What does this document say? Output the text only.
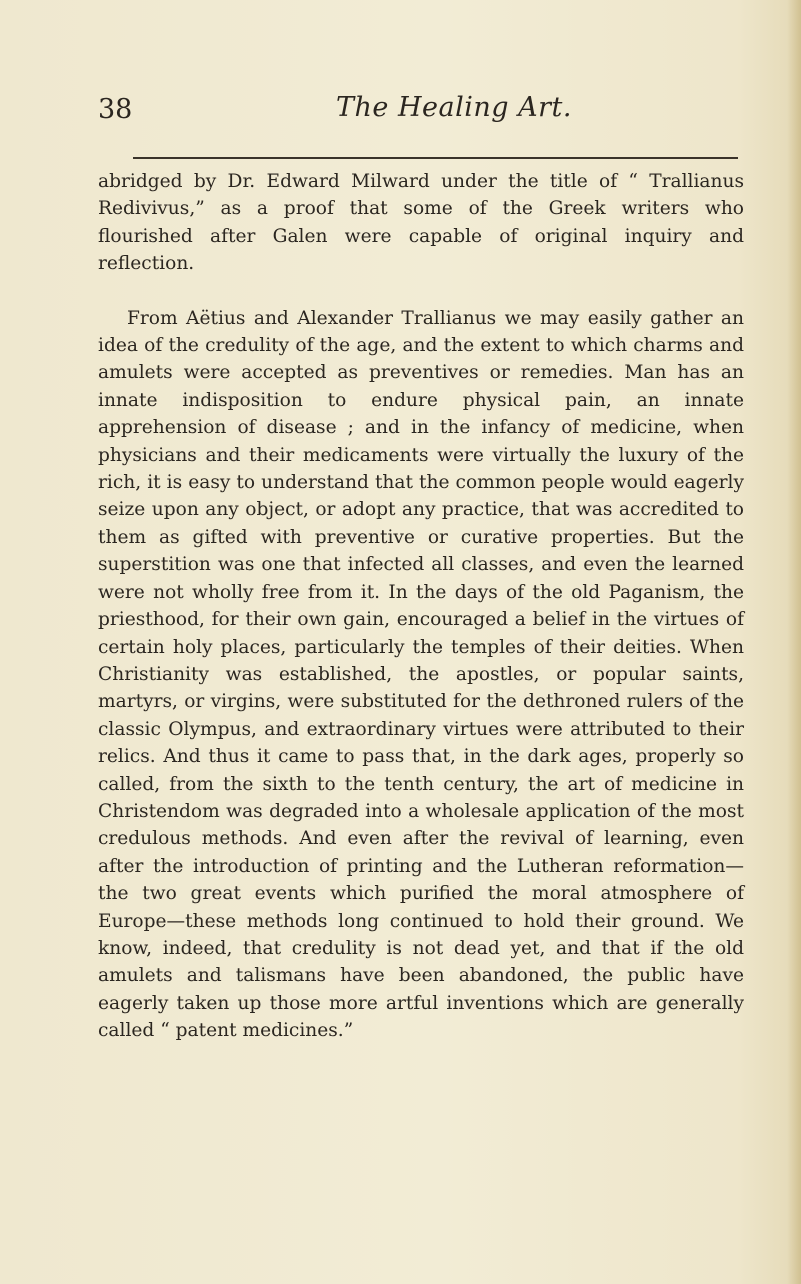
38	The Healing Art.

abridged by Dr. Edward Milward under the title of “ Trallianus Redivivus,” as a proof that some of the Greek writers who flourished after Galen were capable of original inquiry and reflection.

From Aëtius and Alexander Trallianus we may easily gather an idea of the credulity of the age, and the extent to which charms and amulets were accepted as preventives or remedies. Man has an innate indisposition to endure physical pain, an innate apprehension of disease ; and in the infancy of medicine, when physicians and their medicaments were virtually the luxury of the rich, it is easy to understand that the common people would eagerly seize upon any object, or adopt any practice, that was accredited to them as gifted with preventive or curative properties. But the superstition was one that infected all classes, and even the learned were not wholly free from it. In the days of the old Paganism, the priesthood, for their own gain, encouraged a belief in the virtues of certain holy places, particularly the temples of their deities. When Christianity was established, the apostles, or popular saints, martyrs, or virgins, were substituted for the dethroned rulers of the classic Olympus, and extraordinary virtues were attributed to their relics. And thus it came to pass that, in the dark ages, properly so called, from the sixth to the tenth century, the art of medicine in Christendom was degraded into a wholesale application of the most credulous methods. And even after the revival of learning, even after the introduction of printing and the Lutheran reformation—the two great events which purified the moral atmosphere of Europe—these methods long continued to hold their ground. We know, indeed, that credulity is not dead yet, and that if the old amulets and talismans have been abandoned, the public have eagerly taken up those more artful inventions which are generally called “ patent medicines.”
